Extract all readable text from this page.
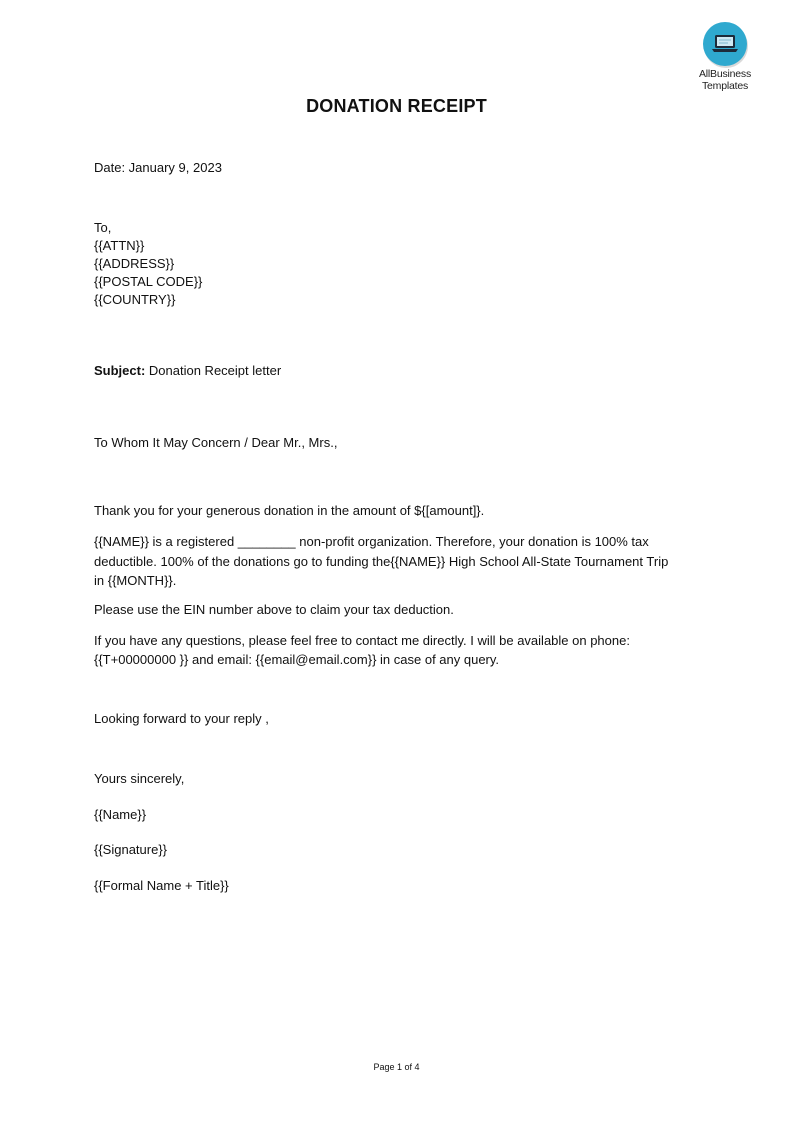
AllBusiness
Templates
DONATION RECEIPT
Date: January 9, 2023
To,
{{ATTN}}
{{ADDRESS}}
{{POSTAL CODE}}
{{COUNTRY}}
Subject: Donation Receipt letter
To Whom It May Concern / Dear Mr., Mrs.,
Thank you for your generous donation in the amount of ${[amount]}.
{{NAME}} is a registered ________ non-profit organization. Therefore, your donation is 100% tax
deductible. 100% of the donations go to funding the{{NAME}} High School All-State Tournament Trip
in {{MONTH}}.
Please use the EIN number above to claim your tax deduction.
If you have any questions, please feel free to contact me directly. I will be available on phone:
{{T+00000000 }} and email: {{email@email.com}} in case of any query.
Looking forward to your reply ,
Yours sincerely,
{{Name}}
{{Signature}}
{{Formal Name + Title}}
Page 1 of 4
